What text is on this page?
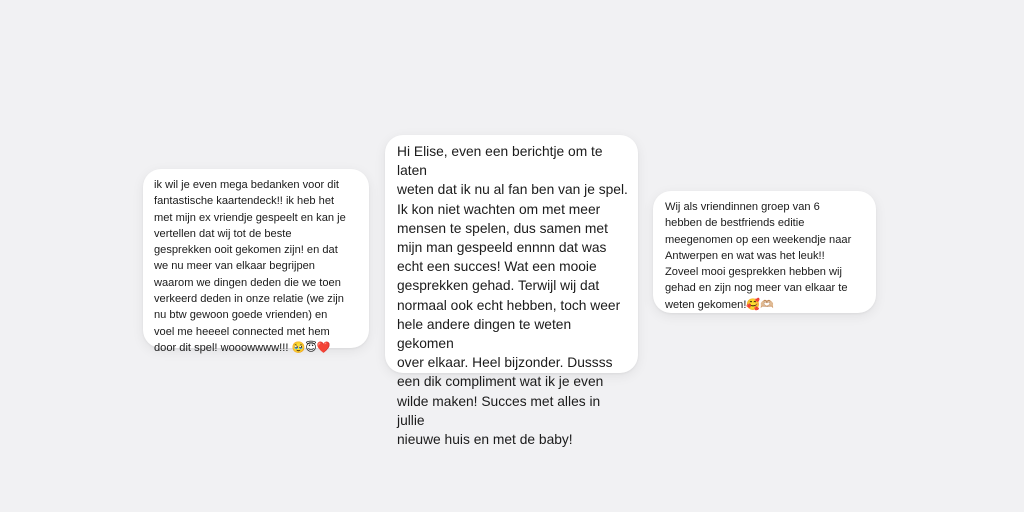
ik wil je even mega bedanken voor dit
fantastische kaartendeck!! ik heb het
met mijn ex vriendje gespeelt en kan je
vertellen dat wij tot de beste
gesprekken ooit gekomen zijn! en dat
we nu meer van elkaar begrijpen
waarom we dingen deden die we toen
verkeerd deden in onze relatie (we zijn
nu btw gewoon goede vrienden) en
voel me heeeel connected met hem
door dit spel! wooowwww!!! 🥹😇❤️

Hi Elise, even een berichtje om te laten
weten dat ik nu al fan ben van je spel.
Ik kon niet wachten om met meer
mensen te spelen, dus samen met
mijn man gespeeld ennnn dat was
echt een succes! Wat een mooie
gesprekken gehad. Terwijl wij dat
normaal ook echt hebben, toch weer
hele andere dingen te weten gekomen
over elkaar. Heel bijzonder. Dussss
een dik compliment wat ik je even
wilde maken! Succes met alles in jullie
nieuwe huis en met de baby!

Wij als vriendinnen groep van 6
hebben de bestfriends editie
meegenomen op een weekendje naar
Antwerpen en wat was het leuk!!
Zoveel mooi gesprekken hebben wij
gehad en zijn nog meer van elkaar te
weten gekomen!🥰🫶🏼
